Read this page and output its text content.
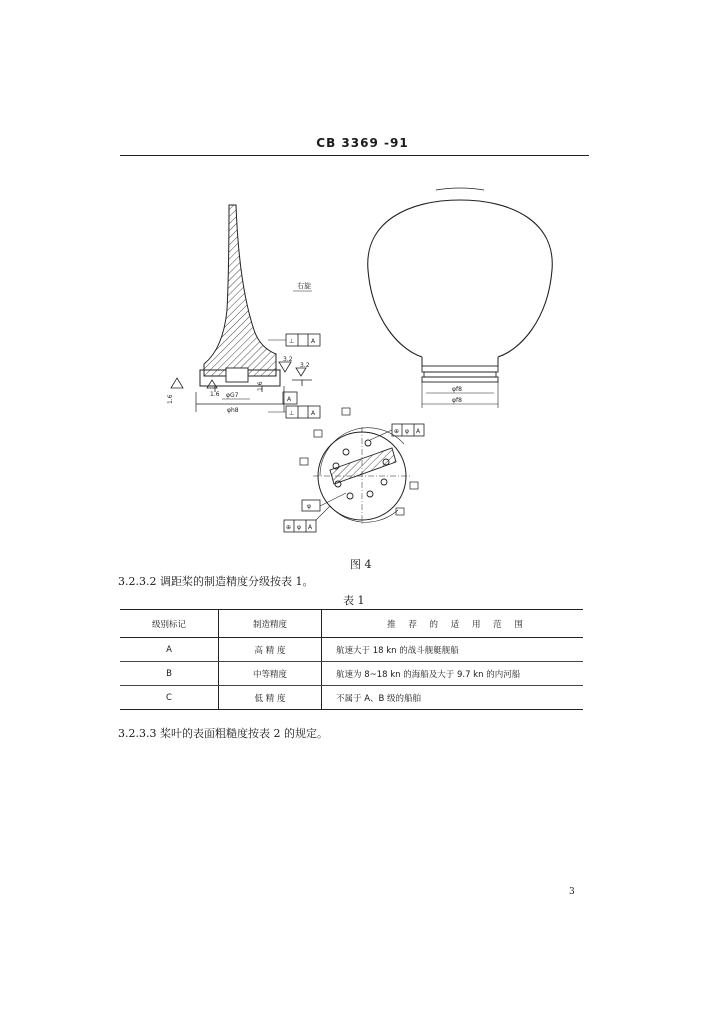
CB 3369 -91
φh8
φG7
1.6	1.6
1.6
3.2
3.2
右旋
⊥	A
⊥	A
A
φf8
φf8
⊕ φ A
φ
⊕ φ A
图 4
3.2.3.2 调距桨的制造精度分级按表 1。
表 1
级别标记	制造精度	推 荐 的 适 用 范 围
A	高 精 度	航速大于 18 kn 的战斗舰艇舰船
B	中等精度	航速为 8~18 kn 的海船及大于 9.7 kn 的内河船
C	低 精 度	不属于 A、B 级的船舶
3.2.3.3 桨叶的表面粗糙度按表 2 的规定。
3
